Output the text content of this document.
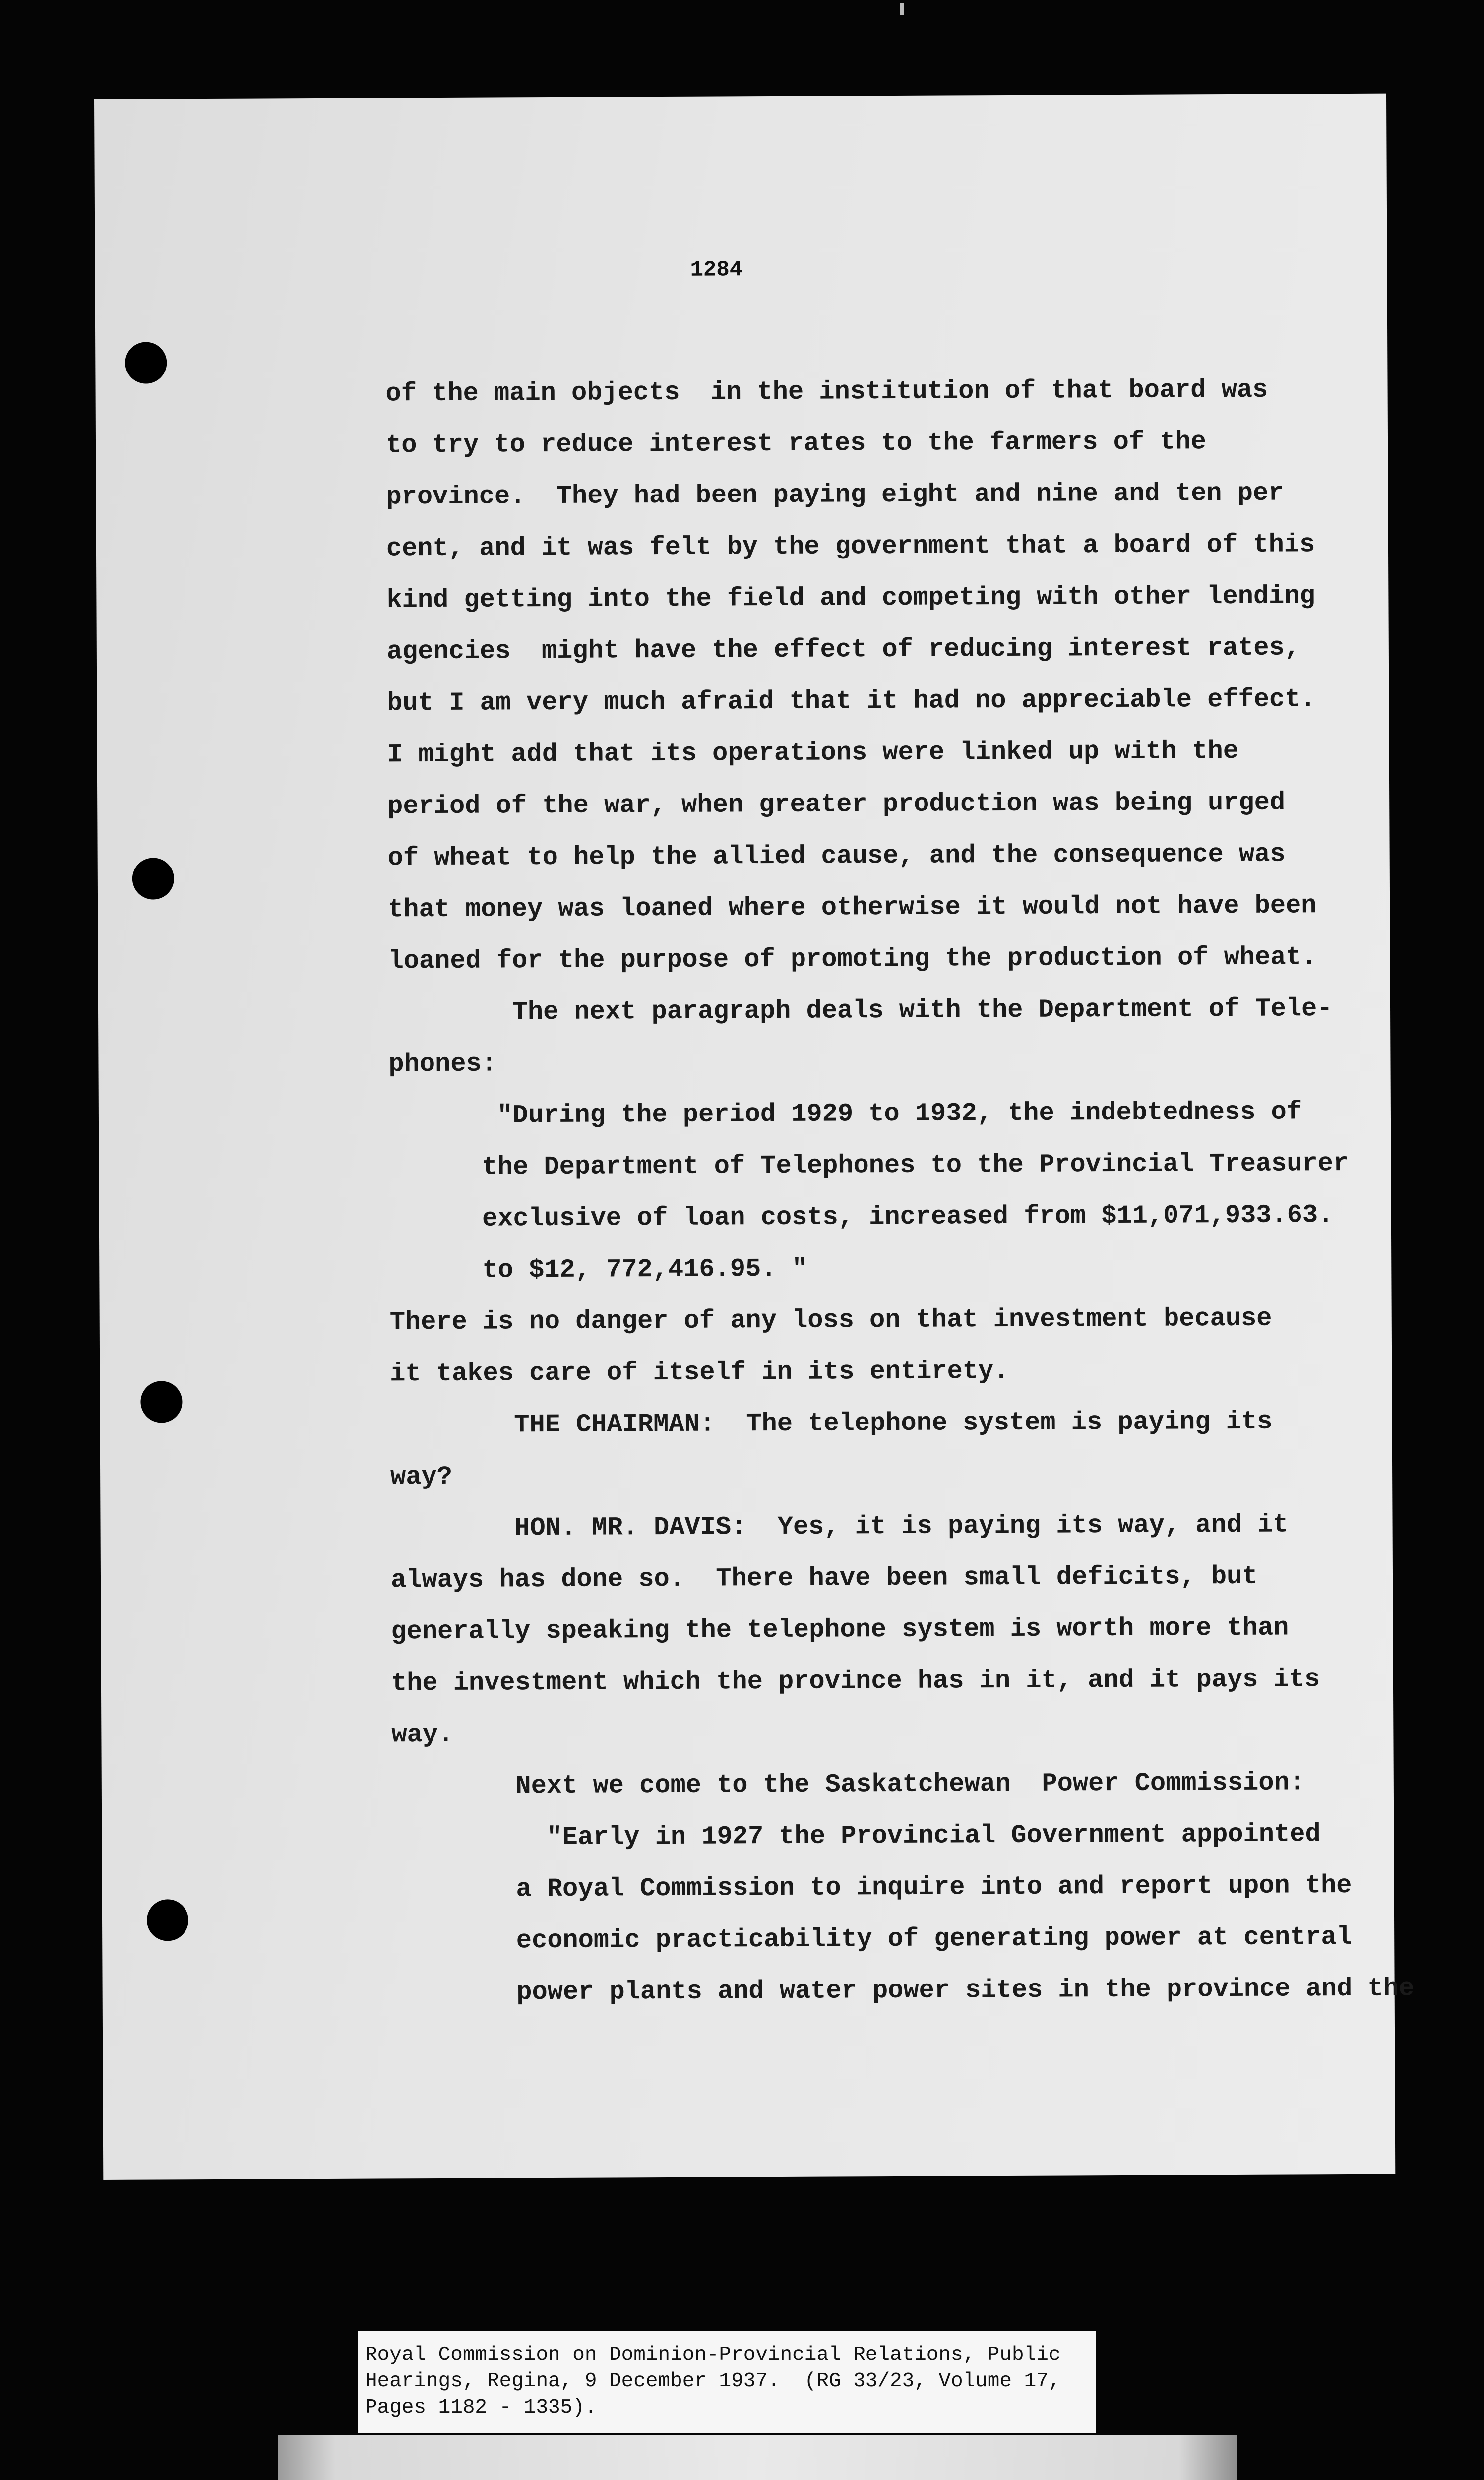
1284
of the main objects  in the institution of that board was
to try to reduce interest rates to the farmers of the
province.  They had been paying eight and nine and ten per
cent, and it was felt by the government that a board of this
kind getting into the field and competing with other lending
agencies  might have the effect of reducing interest rates,
but I am very much afraid that it had no appreciable effect.
I might add that its operations were linked up with the
period of the war, when greater production was being urged
of wheat to help the allied cause, and the consequence was
that money was loaned where otherwise it would not have been
loaned for the purpose of promoting the production of wheat.
The next paragraph deals with the Department of Tele-
phones:
"During the period 1929 to 1932, the indebtedness of
the Department of Telephones to the Provincial Treasurer
exclusive of loan costs, increased from $11,071,933.63.
to $12, 772,416.95. "
There is no danger of any loss on that investment because
it takes care of itself in its entirety.
THE CHAIRMAN:  The telephone system is paying its
way?
HON. MR. DAVIS:  Yes, it is paying its way, and it
always has done so.  There have been small deficits, but
generally speaking the telephone system is worth more than
the investment which the province has in it, and it pays its
way.
Next we come to the Saskatchewan  Power Commission:
"Early in 1927 the Provincial Government appointed
a Royal Commission to inquire into and report upon the
economic practicability of generating power at central
power plants and water power sites in the province and the
Royal Commission on Dominion-Provincial Relations, Public
Hearings, Regina, 9 December 1937.  (RG 33/23, Volume 17,
Pages 1182 - 1335).
